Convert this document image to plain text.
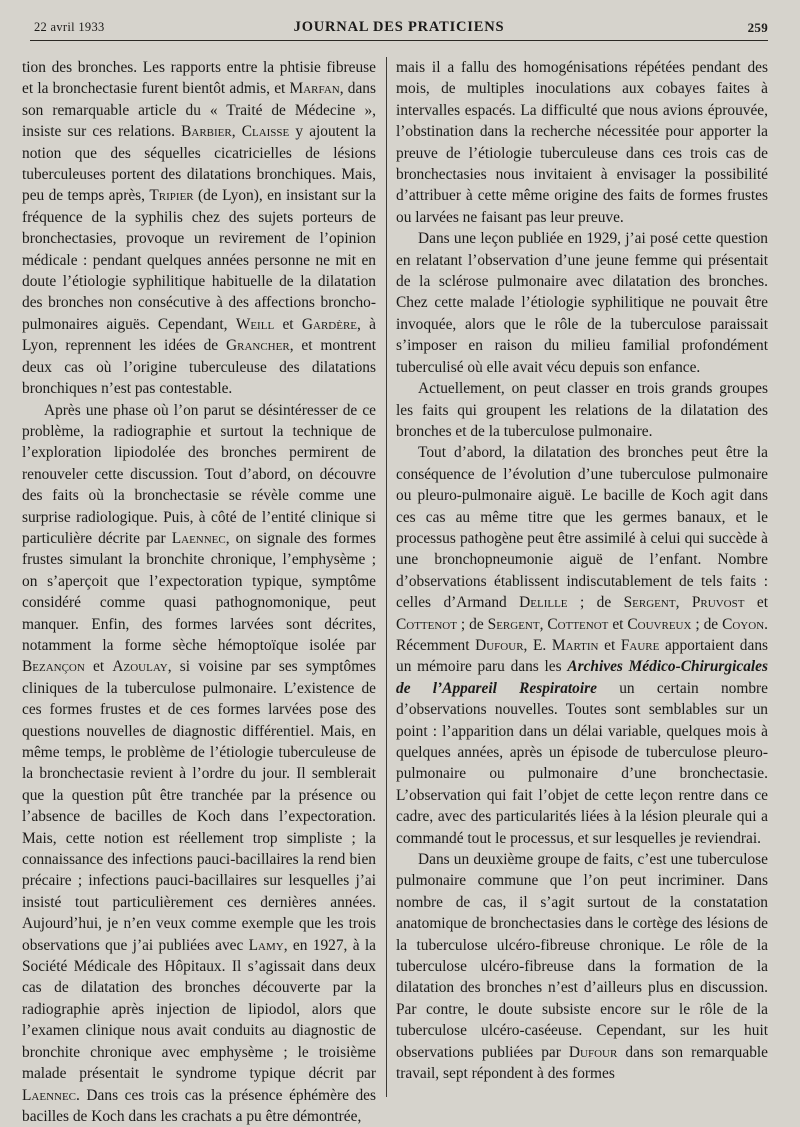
22 avril 1933	JOURNAL DES PRATICIENS	259

tion des bronches. Les rapports entre la phtisie fibreuse et la bronchectasie furent bientôt admis, et Marfan, dans son remarquable article du « Traité de Médecine », insiste sur ces relations. Barbier, Claisse y ajoutent la notion que des séquelles cicatricielles de lésions tuberculeuses portent des dilatations bronchiques. Mais, peu de temps après, Tripier (de Lyon), en insistant sur la fréquence de la syphilis chez des sujets porteurs de bronchectasies, provoque un revirement de l’opinion médicale : pendant quelques années personne ne mit en doute l’étiologie syphilitique habituelle de la dilatation des bronches non consécutive à des affections broncho-pulmonaires aiguës. Cependant, Weill et Gardère, à Lyon, reprennent les idées de Grancher, et montrent deux cas où l’origine tuberculeuse des dilatations bronchiques n’est pas contestable.

Après une phase où l’on parut se désintéresser de ce problème, la radiographie et surtout la technique de l’exploration lipiodolée des bronches permirent de renouveler cette discussion. Tout d’abord, on découvre des faits où la bronchectasie se révèle comme une surprise radiologique. Puis, à côté de l’entité clinique si particulière décrite par Laennec, on signale des formes frustes simulant la bronchite chronique, l’emphysème ; on s’aperçoit que l’expectoration typique, symptôme considéré comme quasi pathognomonique, peut manquer. Enfin, des formes larvées sont décrites, notamment la forme sèche hémoptoïque isolée par Bezançon et Azoulay, si voisine par ses symptômes cliniques de la tuberculose pulmonaire. L’existence de ces formes frustes et de ces formes larvées pose des questions nouvelles de diagnostic différentiel. Mais, en même temps, le problème de l’étiologie tuberculeuse de la bronchectasie revient à l’ordre du jour. Il semblerait que la question pût être tranchée par la présence ou l’absence de bacilles de Koch dans l’expectoration. Mais, cette notion est réellement trop simpliste ; la connaissance des infections pauci-bacillaires la rend bien précaire ; infections pauci-bacillaires sur lesquelles j’ai insisté tout particulièrement ces dernières années. Aujourd’hui, je n’en veux comme exemple que les trois observations que j’ai publiées avec Lamy, en 1927, à la Société Médicale des Hôpitaux. Il s’agissait dans deux cas de dilatation des bronches découverte par la radiographie après injection de lipiodol, alors que l’examen clinique nous avait conduits au diagnostic de bronchite chronique avec emphysème ; le troisième malade présentait le syndrome typique décrit par Laennec. Dans ces trois cas la présence éphémère des bacilles de Koch dans les crachats a pu être démontrée,

mais il a fallu des homogénisations répétées pendant des mois, de multiples inoculations aux cobayes faites à intervalles espacés. La difficulté que nous avions éprouvée, l’obstination dans la recherche nécessitée pour apporter la preuve de l’étiologie tuberculeuse dans ces trois cas de bronchectasies nous invitaient à envisager la possibilité d’attribuer à cette même origine des faits de formes frustes ou larvées ne faisant pas leur preuve.

Dans une leçon publiée en 1929, j’ai posé cette question en relatant l’observation d’une jeune femme qui présentait de la sclérose pulmonaire avec dilatation des bronches. Chez cette malade l’étiologie syphilitique ne pouvait être invoquée, alors que le rôle de la tuberculose paraissait s’imposer en raison du milieu familial profondément tuberculisé où elle avait vécu depuis son enfance.

Actuellement, on peut classer en trois grands groupes les faits qui groupent les relations de la dilatation des bronches et de la tuberculose pulmonaire.

Tout d’abord, la dilatation des bronches peut être la conséquence de l’évolution d’une tuberculose pulmonaire ou pleuro-pulmonaire aiguë. Le bacille de Koch agit dans ces cas au même titre que les germes banaux, et le processus pathogène peut être assimilé à celui qui succède à une bronchopneumonie aiguë de l’enfant. Nombre d’observations établissent indiscutablement de tels faits : celles d’Armand Delille ; de Sergent, Pruvost et Cottenot ; de Sergent, Cottenot et Couvreux ; de Coyon. Récemment Dufour, E. Martin et Faure apportaient dans un mémoire paru dans les Archives Médico-Chirurgicales de l’Appareil Respiratoire un certain nombre d’observations nouvelles. Toutes sont semblables sur un point : l’apparition dans un délai variable, quelques mois à quelques années, après un épisode de tuberculose pleuro-pulmonaire ou pulmonaire d’une bronchectasie. L’observation qui fait l’objet de cette leçon rentre dans ce cadre, avec des particularités liées à la lésion pleurale qui a commandé tout le processus, et sur lesquelles je reviendrai.

Dans un deuxième groupe de faits, c’est une tuberculose pulmonaire commune que l’on peut incriminer. Dans nombre de cas, il s’agit surtout de la constatation anatomique de bronchectasies dans le cortège des lésions de la tuberculose ulcéro-fibreuse chronique. Le rôle de la tuberculose ulcéro-fibreuse dans la formation de la dilatation des bronches n’est d’ailleurs plus en discussion. Par contre, le doute subsiste encore sur le rôle de la tuberculose ulcéro-caséeuse. Cependant, sur les huit observations publiées par Dufour dans son remarquable travail, sept répondent à des formes
